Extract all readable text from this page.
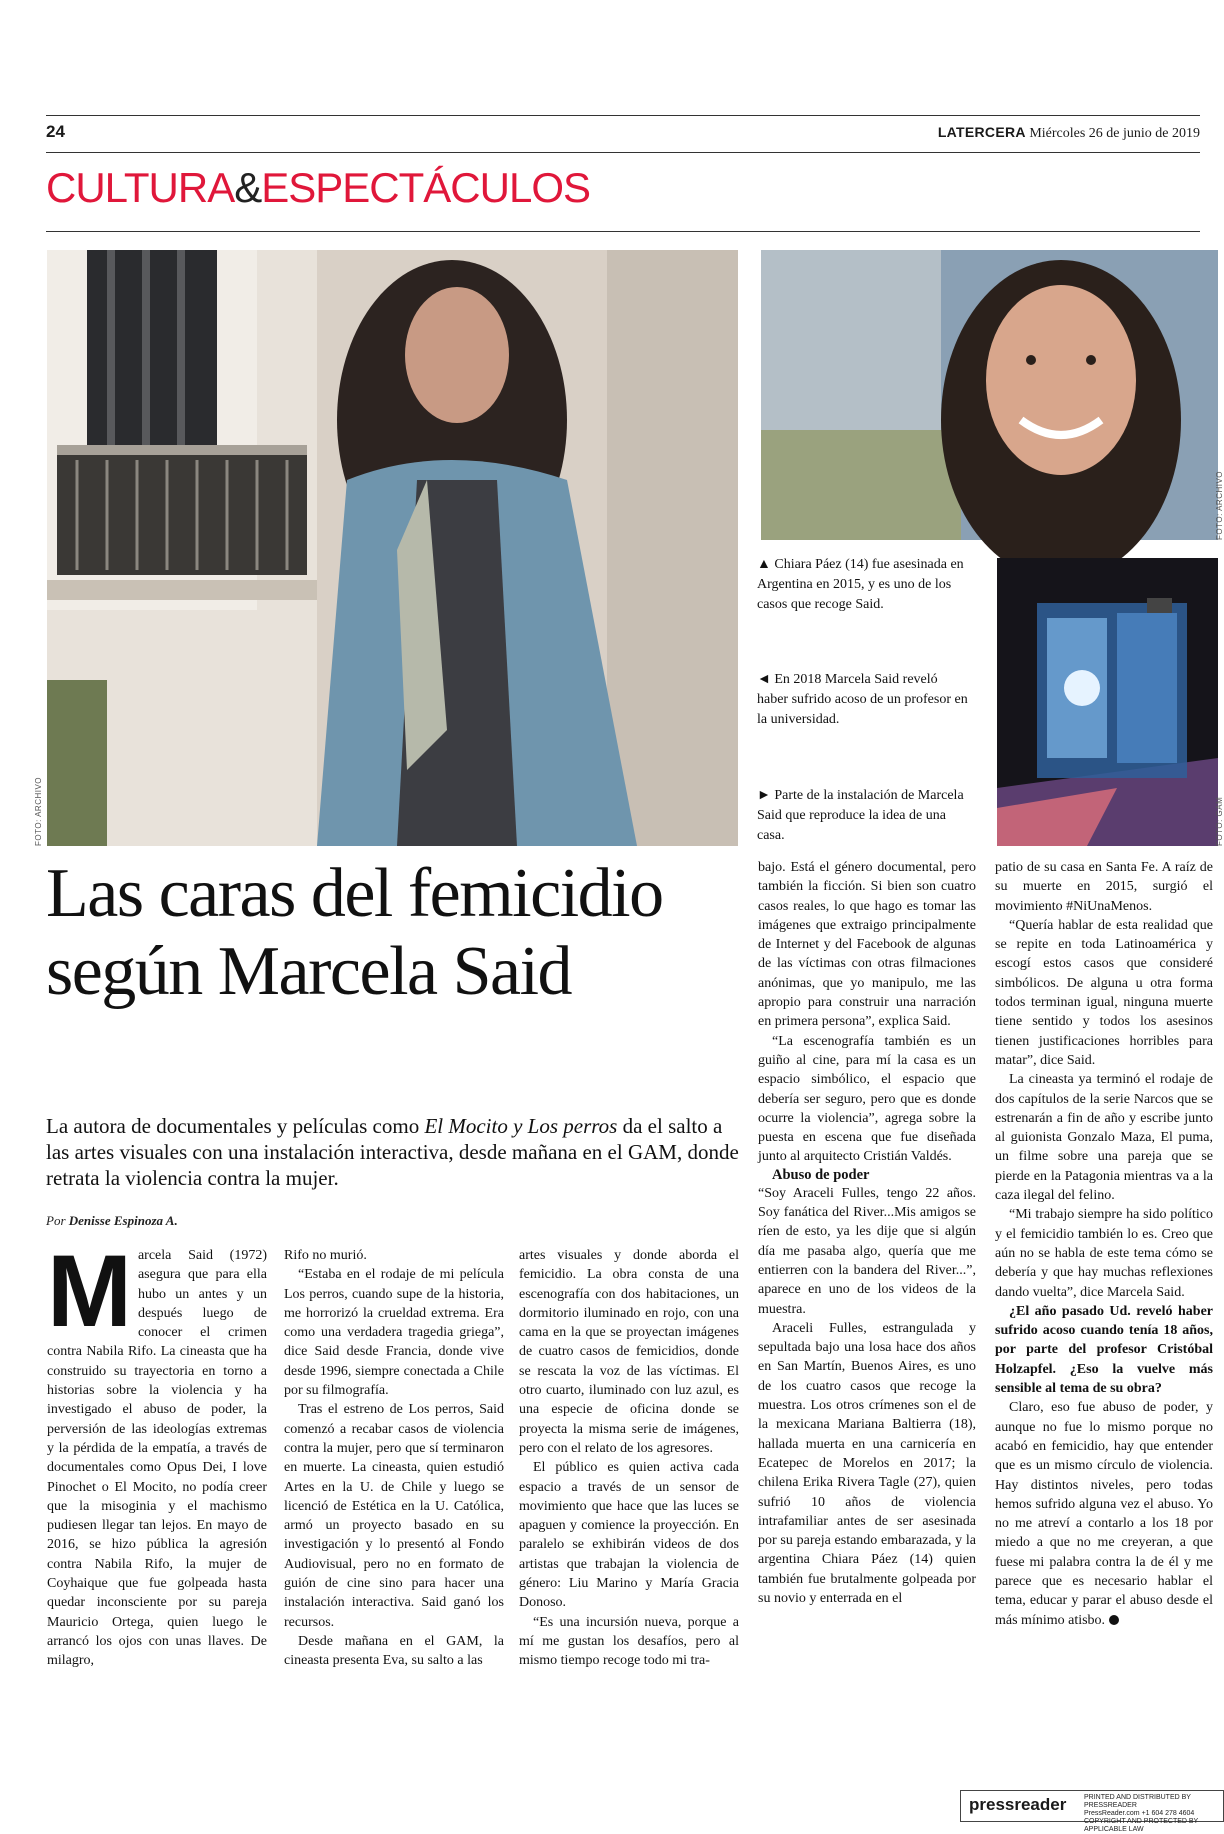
24	LATERCERA Miércoles 26 de junio de 2019
CULTURA&ESPECTÁCULOS
FOTO: ARCHIVO
FOTO: ARCHIVO
FOTO: GAM
▲ Chiara Páez (14) fue asesinada en Argentina en 2015, y es uno de los casos que recoge Said.
◄ En 2018 Marcela Said reveló haber sufrido acoso de un profesor en la universidad.
► Parte de la instalación de Marcela Said que reproduce la idea de una casa.
Las caras del femicidio
según Marcela Said
La autora de documentales y películas como El Mocito y Los perros da el salto a las artes visuales con una instalación interactiva, desde mañana en el GAM, donde retrata la violencia contra la mujer.
Por Denisse Espinoza A.

Marcela Said (1972) asegura que para ella hubo un antes y un después luego de conocer el crimen contra Nabila Rifo. La cineasta que ha construido su trayectoria en torno a historias sobre la violencia y ha investigado el abuso de poder, la perversión de las ideologías extremas y la pérdida de la empatía, a través de documentales como Opus Dei, I love Pinochet o El Mocito, no podía creer que la misoginia y el machismo pudiesen llegar tan lejos. En mayo de 2016, se hizo pública la agresión contra Nabila Rifo, la mujer de Coyhaique que fue golpeada hasta quedar inconsciente por su pareja Mauricio Ortega, quien luego le arrancó los ojos con unas llaves. De milagro,

Rifo no murió.

“Estaba en el rodaje de mi película Los perros, cuando supe de la historia, me horrorizó la crueldad extrema. Era como una verdadera tragedia griega”, dice Said desde Francia, donde vive desde 1996, siempre conectada a Chile por su filmografía.

Tras el estreno de Los perros, Said comenzó a recabar casos de violencia contra la mujer, pero que sí terminaron en muerte. La cineasta, quien estudió Artes en la U. de Chile y luego se licenció de Estética en la U. Católica, armó un proyecto basado en su investigación y lo presentó al Fondo Audiovisual, pero no en formato de guión de cine sino para hacer una instalación interactiva. Said ganó los recursos.

Desde mañana en el GAM, la cineasta presenta Eva, su salto a las

artes visuales y donde aborda el femicidio. La obra consta de una escenografía con dos habitaciones, un dormitorio iluminado en rojo, con una cama en la que se proyectan imágenes de cuatro casos de femicidios, donde se rescata la voz de las víctimas. El otro cuarto, iluminado con luz azul, es una especie de oficina donde se proyecta la misma serie de imágenes, pero con el relato de los agresores.

El público es quien activa cada espacio a través de un sensor de movimiento que hace que las luces se apaguen y comience la proyección. En paralelo se exhibirán videos de dos artistas que trabajan la violencia de género: Liu Marino y María Gracia Donoso.

“Es una incursión nueva, porque a mí me gustan los desafíos, pero al mismo tiempo recoge todo mi tra-

bajo. Está el género documental, pero también la ficción. Si bien son cuatro casos reales, lo que hago es tomar las imágenes que extraigo principalmente de Internet y del Facebook de algunas de las víctimas con otras filmaciones anónimas, que yo manipulo, me las apropio para construir una narración en primera persona”, explica Said.

“La escenografía también es un guiño al cine, para mí la casa es un espacio simbólico, el espacio que debería ser seguro, pero que es donde ocurre la violencia”, agrega sobre la puesta en escena que fue diseñada junto al arquitecto Cristián Valdés.

Abuso de poder

“Soy Araceli Fulles, tengo 22 años. Soy fanática del River...Mis amigos se ríen de esto, ya les dije que si algún día me pasaba algo, quería que me entierren con la bandera del River...”, aparece en uno de los videos de la muestra.

Araceli Fulles, estrangulada y sepultada bajo una losa hace dos años en San Martín, Buenos Aires, es uno de los cuatro casos que recoge la muestra. Los otros crímenes son el de la mexicana Mariana Baltierra (18), hallada muerta en una carnicería en Ecatepec de Morelos en 2017; la chilena Erika Rivera Tagle (27), quien sufrió 10 años de violencia intrafamiliar antes de ser asesinada por su pareja estando embarazada, y la argentina Chiara Páez (14) quien también fue brutalmente golpeada por su novio y enterrada en el

patio de su casa en Santa Fe. A raíz de su muerte en 2015, surgió el movimiento #NiUnaMenos.

“Quería hablar de esta realidad que se repite en toda Latinoamérica y escogí estos casos que consideré simbólicos. De alguna u otra forma todos terminan igual, ninguna muerte tiene sentido y todos los asesinos tienen justificaciones horribles para matar”, dice Said.

La cineasta ya terminó el rodaje de dos capítulos de la serie Narcos que se estrenarán a fin de año y escribe junto al guionista Gonzalo Maza, El puma, un filme sobre una pareja que se pierde en la Patagonia mientras va a la caza ilegal del felino.

“Mi trabajo siempre ha sido político y el femicidio también lo es. Creo que aún no se habla de este tema cómo se debería y que hay muchas reflexiones dando vuelta”, dice Marcela Said.

¿El año pasado Ud. reveló haber sufrido acoso cuando tenía 18 años, por parte del profesor Cristóbal Holzapfel. ¿Eso la vuelve más sensible al tema de su obra?

Claro, eso fue abuso de poder, y aunque no fue lo mismo porque no acabó en femicidio, hay que entender que es un mismo círculo de violencia. Hay distintos niveles, pero todas hemos sufrido alguna vez el abuso. Yo no me atreví a contarlo a los 18 por miedo a que no me creyeran, a que fuese mi palabra contra la de él y me parece que es necesario hablar el tema, educar y parar el abuso desde el más mínimo atisbo.

pressreader	PRINTED AND DISTRIBUTED BY PRESSREADER
PressReader.com +1 604 278 4604
COPYRIGHT AND PROTECTED BY APPLICABLE LAW
